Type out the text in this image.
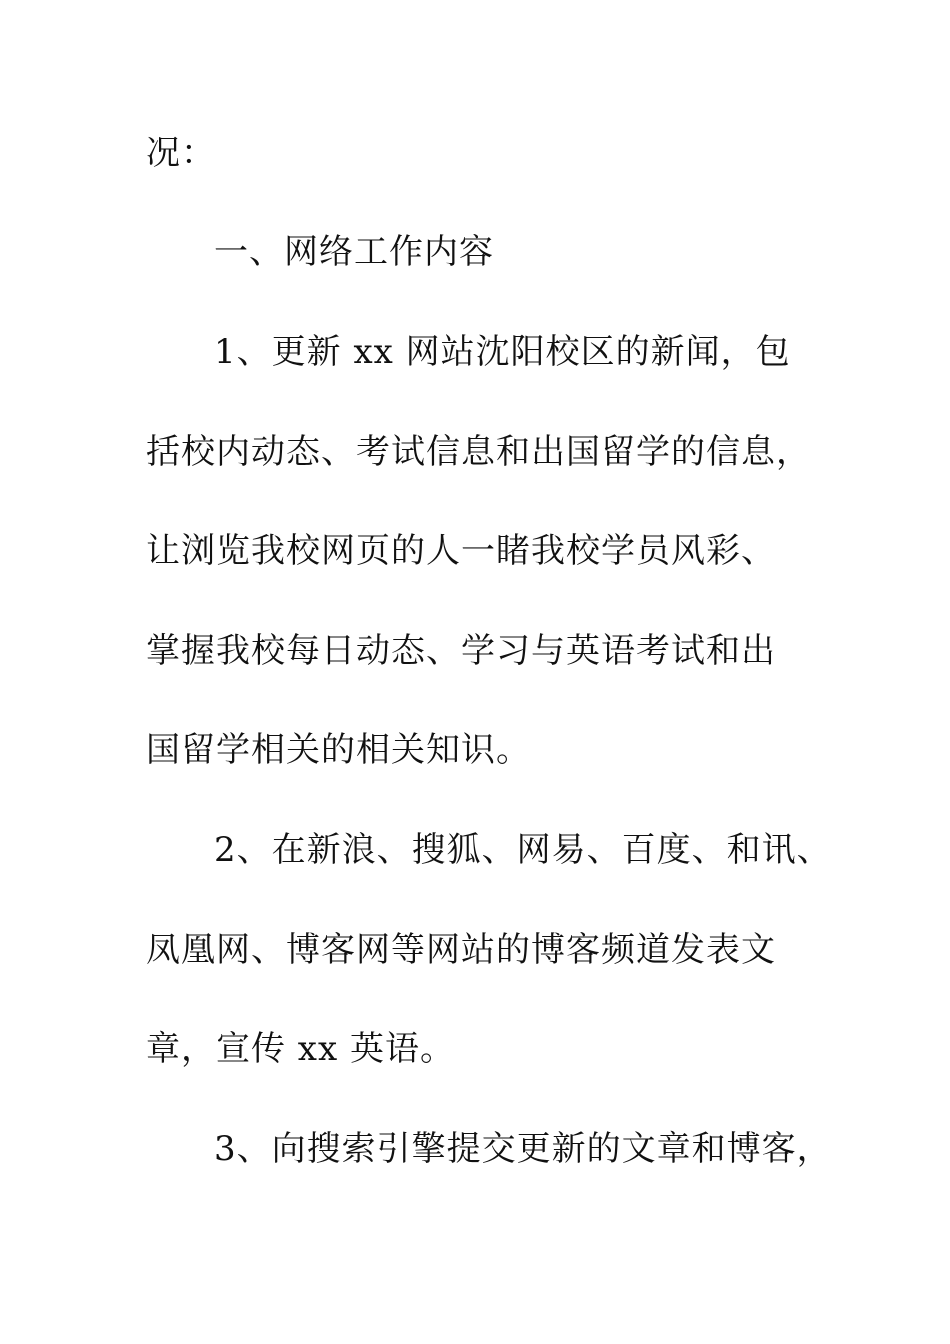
况：

一、网络工作内容

1、更新 xx 网站沈阳校区的新闻，包

括校内动态、考试信息和出国留学的信息，

让浏览我校网页的人一睹我校学员风彩、

掌握我校每日动态、学习与英语考试和出

国留学相关的相关知识。

2、在新浪、搜狐、网易、百度、和讯、

凤凰网、博客网等网站的博客频道发表文

章，宣传 xx 英语。

3、向搜索引擎提交更新的文章和博客，
